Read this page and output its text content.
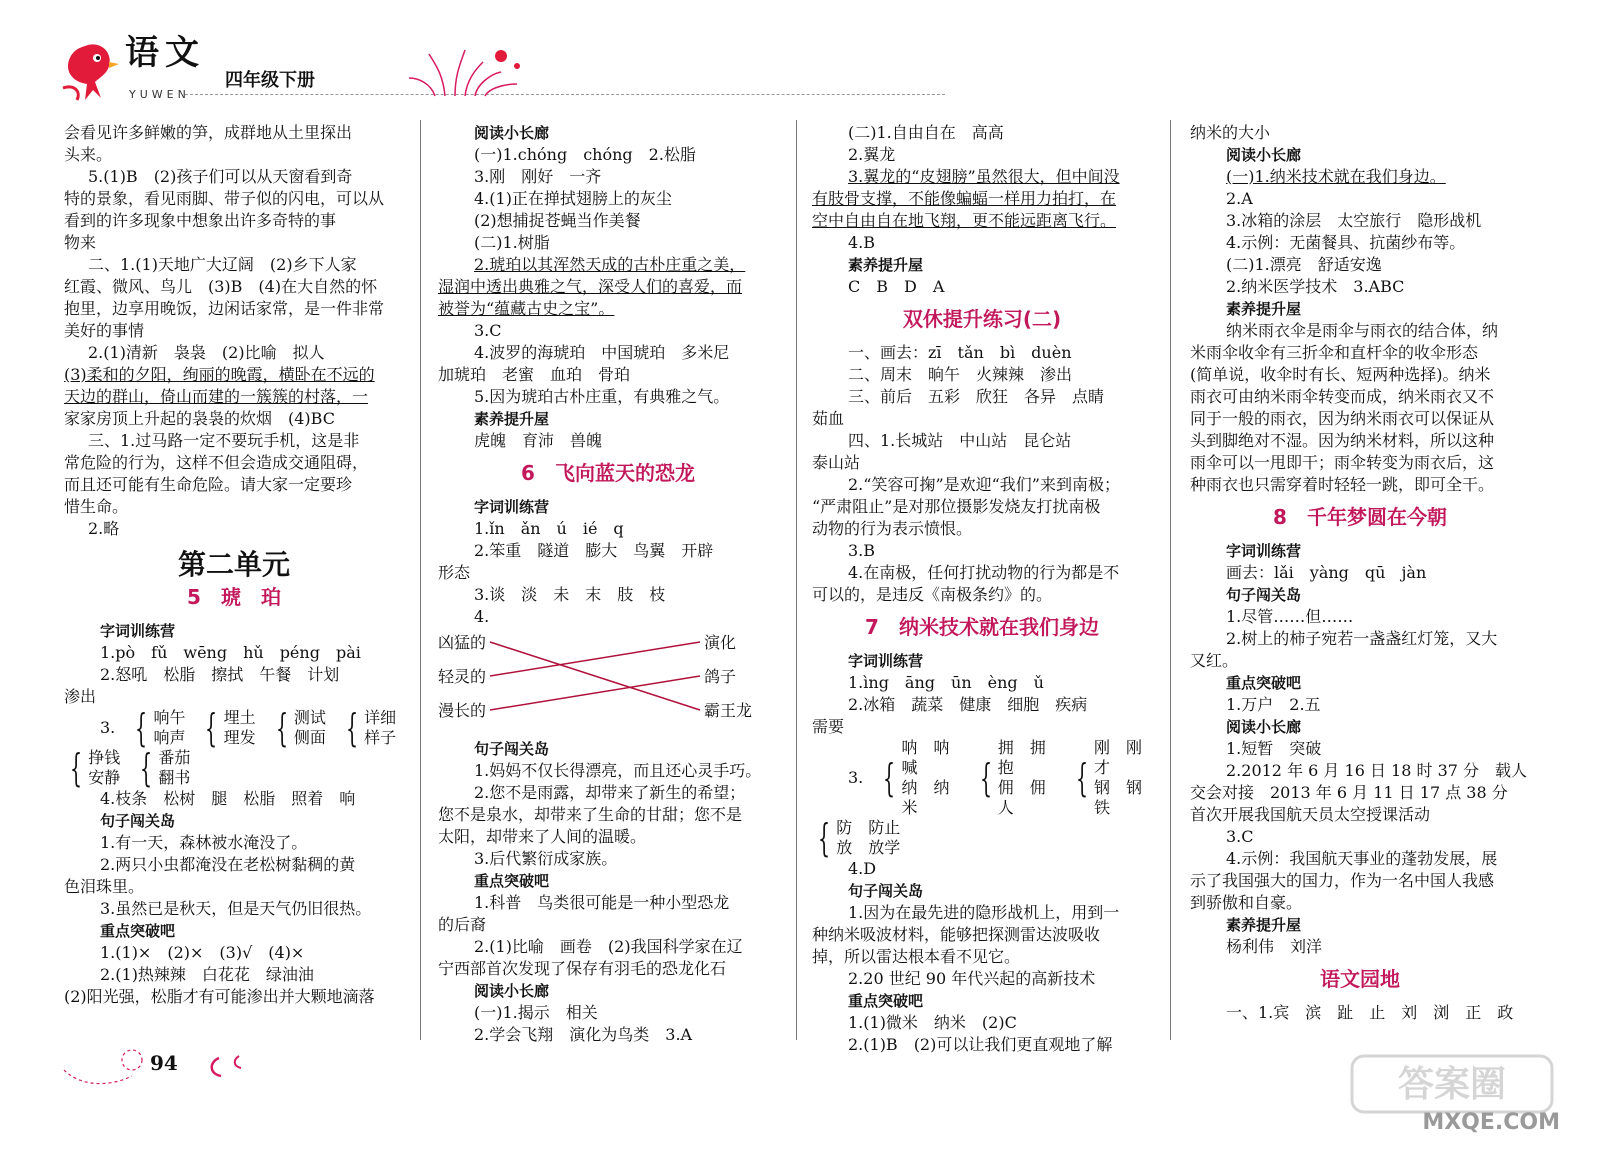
语文
YUWEN
四年级下册
会看见许多鲜嫩的笋，成群地从土里探出
头来。
5.(1)B　(2)孩子们可以从天窗看到奇
特的景象，看见雨脚、带子似的闪电，可以从
看到的许多现象中想象出许多奇特的事
物来
二、1.(1)天地广大辽阔　(2)乡下人家
红霞、微风、鸟儿　(3)B　(4)在大自然的怀
抱里，边享用晚饭，边闲话家常，是一件非常
美好的事情
2.(1)清新　袅袅　(2)比喻　拟人
(3)柔和的夕阳，绚丽的晚霞，横卧在不远的
天边的群山，倚山而建的一簇簇的村落，一
家家房顶上升起的袅袅的炊烟　(4)BC
三、1.过马路一定不要玩手机，这是非
常危险的行为，这样不但会造成交通阻碍，
而且还可能有生命危险。请大家一定要珍
惜生命。
2.略
第二单元
5　 琥　珀
字词训练营
1.pò　fǔ　wēng　hǔ　péng　pài
2.怒吼　松脂　擦拭　午餐　计划
渗出
3. { 响午
响声 { 埋土
理发 { 测试
侧面 { 详细
样子
{ 挣钱
安静 { 番茄
翻书
4.枝条　松树　腿　松脂　照着　响
句子闯关岛
1.有一天，森林被水淹没了。
2.两只小虫都淹没在老松树黏稠的黄
色泪珠里。
3.虽然已是秋天，但是天气仍旧很热。
重点突破吧
1.(1)×　(2)×　(3)√　(4)×
2.(1)热辣辣　白花花　绿油油
(2)阳光强，松脂才有可能渗出并大颗地滴落
阅读小长廊
(一)1.chóng　chóng　2.松脂
3.刚　刚好　一齐
4.(1)正在掸拭翅膀上的灰尘
(2)想捕捉苍蝇当作美餐
(二)1.树脂
2.琥珀以其浑然天成的古朴庄重之美，
湿润中透出典雅之气，深受人们的喜爱，而
被誉为“蕴藏古史之宝”。
3.C
4.波罗的海琥珀　中国琥珀　多米尼
加琥珀　老蜜　血珀　骨珀
5.因为琥珀古朴庄重，有典雅之气。
素养提升屋
虎魄　育沛　兽魄
6　 飞向蓝天的恐龙
字词训练营
1.ǐn　ǎn　ú　ié　q
2.笨重　隧道　膨大　鸟翼　开辟
形态
3.谈　淡　未　末　肢　枝
4.
凶猛的
轻灵的
漫长的
演化
鸽子
霸王龙
句子闯关岛
1.妈妈不仅长得漂亮，而且还心灵手巧。
2.您不是雨露，却带来了新生的希望；
您不是泉水，却带来了生命的甘甜；您不是
太阳，却带来了人间的温暖。
3.后代繁衍成家族。
重点突破吧
1.科普　鸟类很可能是一种小型恐龙
的后裔
2.(1)比喻　画卷　(2)我国科学家在辽
宁西部首次发现了保存有羽毛的恐龙化石
阅读小长廊
(一)1.揭示　相关
2.学会飞翔　演化为鸟类　3.A
(二)1.自由自在　高高
2.翼龙
3.翼龙的“皮翅膀”虽然很大，但中间没
有肢骨支撑，不能像蝙蝠一样用力拍打，在
空中自由自在地飞翔，更不能远距离飞行。
4.B
素养提升屋
C　B　D　A
双休提升练习(二)
一、画去：zī　tǎn　bì　duèn
二、周末　晌午　火辣辣　渗出
三、前后　五彩　欣狂　各异　点睛
茹血
四、1.长城站　中山站　昆仑站
泰山站
2.“笑容可掬”是欢迎“我们”来到南极；
“严肃阻止”是对那位摄影发烧友打扰南极
动物的行为表示愤恨。
3.B
4.在南极，任何打扰动物的行为都是不
可以的，是违反《南极条约》的。
7　 纳米技术就在我们身边
字词训练营
1.ìng　āng　ūn　èng　ǔ
2.冰箱　蔬菜　健康　细胞　疾病
需要
3. {
呐　呐喊
纳　纳米
{
拥　拥抱
佣　佣人
{
刚　刚才
钢　钢铁
{ 防　防止
放　放学
4.D
句子闯关岛
1.因为在最先进的隐形战机上，用到一
种纳米吸波材料，能够把探测雷达波吸收
掉，所以雷达根本看不见它。
2.20 世纪 90 年代兴起的高新技术
重点突破吧
1.(1)微米　纳米　(2)C
2.(1)B　(2)可以让我们更直观地了解
纳米的大小
阅读小长廊
(一)1.纳米技术就在我们身边。
2.A
3.冰箱的涂层　太空旅行　隐形战机
4.示例：无菌餐具、抗菌纱布等。
(二)1.漂亮　舒适安逸
2.纳米医学技术　3.ABC
素养提升屋
纳米雨衣伞是雨伞与雨衣的结合体，纳
米雨伞收伞有三折伞和直杆伞的收伞形态
(简单说，收伞时有长、短两种选择)。纳米
雨衣可由纳米雨伞转变而成，纳米雨衣又不
同于一般的雨衣，因为纳米雨衣可以保证从
头到脚绝对不湿。因为纳米材料，所以这种
雨伞可以一甩即干；雨伞转变为雨衣后，这
种雨衣也只需穿着时轻轻一跳，即可全干。
8　 千年梦圆在今朝
字词训练营
画去：lǎi　yàng　qū　jàn
句子闯关岛
1.尽管……但……
2.树上的柿子宛若一盏盏红灯笼，又大
又红。
重点突破吧
1.万户　2.五
阅读小长廊
1.短暂　突破
2.2012 年 6 月 16 日 18 时 37 分　载人
交会对接　2013 年 6 月 11 日 17 点 38 分
首次开展我国航天员太空授课活动
3.C
4.示例：我国航天事业的蓬勃发展，展
示了我国强大的国力，作为一名中国人我感
到骄傲和自豪。
素养提升屋
杨利伟　刘洋
语文园地
一、1.宾　滨　趾　止　刘　浏　正　政
94
答案圈
MXQE.COM
